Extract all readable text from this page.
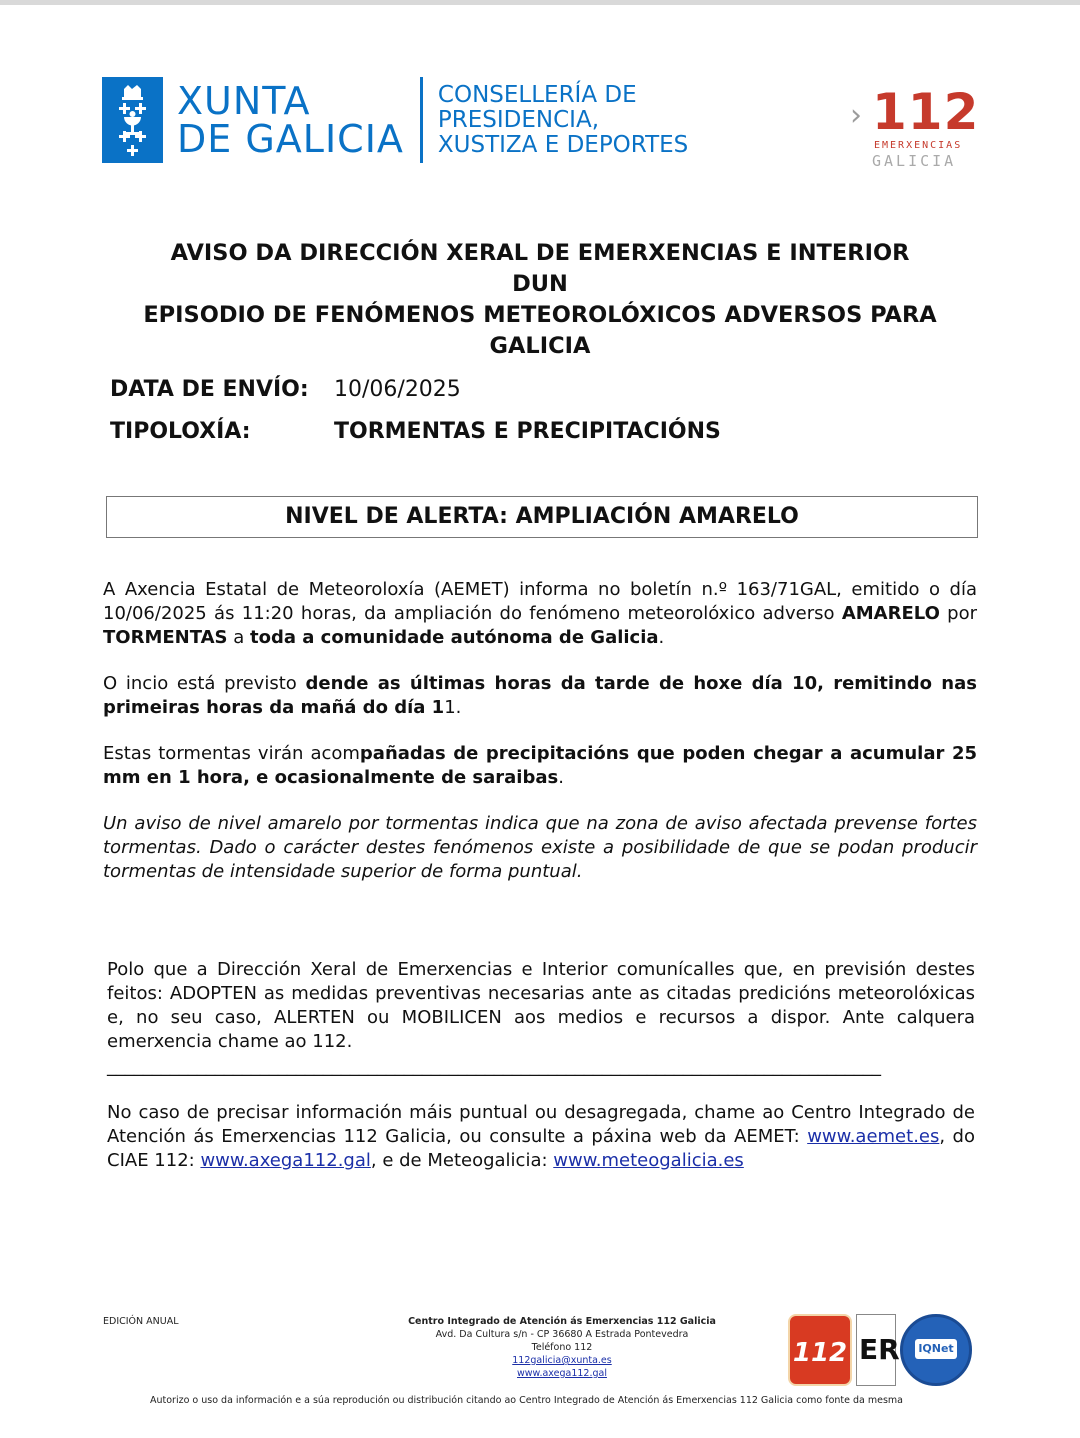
XUNTA
DE GALICIA
CONSELLERÍA DE
PRESIDENCIA,
XUSTIZA E DEPORTES
› 112
EMERXENCIAS
GALICIA
AVISO DA DIRECCIÓN XERAL DE EMERXENCIAS E INTERIOR DUN
EPISODIO DE FENÓMENOS METEOROLÓXICOS ADVERSOS PARA
GALICIA
DATA DE ENVÍO: 10/06/2025
TIPOLOXÍA:	TORMENTAS E PRECIPITACIÓNS
NIVEL DE ALERTA: AMPLIACIÓN AMARELO
A Axencia Estatal de Meteoroloxía (AEMET) informa no boletín n.º 163/71GAL, emitido o día 10/06/2025 ás 11:20 horas, da ampliación do fenómeno meteorolóxico adverso AMARELO por TORMENTAS a toda a comunidade autónoma de Galicia.
O incio está previsto dende as últimas horas da tarde de hoxe día 10, remitindo nas primeiras horas da mañá do día 11.
Estas tormentas virán acompañadas de precipitacións que poden chegar a acumular 25 mm en 1 hora, e ocasionalmente de saraibas.
Un aviso de nivel amarelo por tormentas indica que na zona de aviso afectada prevense fortes tormentas. Dado o carácter destes fenómenos existe a posibilidade de que se podan producir tormentas de intensidade superior de forma puntual.
Polo que a Dirección Xeral de Emerxencias e Interior comunícalles que, en previsión destes feitos: ADOPTEN as medidas preventivas necesarias ante as citadas predicións meteorolóxicas e, no seu caso, ALERTEN ou MOBILICEN aos medios e recursos a dispor. Ante calquera emerxencia chame ao 112.
______________________________________________________________________________________
No caso de precisar información máis puntual ou desagregada, chame ao Centro Integrado de Atención ás Emerxencias 112 Galicia, ou consulte a páxina web da AEMET: www.aemet.es, do CIAE 112: www.axega112.gal, e de Meteogalicia: www.meteogalicia.es
EDICIÓN ANUAL	Centro Integrado de Atención ás Emerxencias 112 Galicia
Avd. Da Cultura s/n - CP 36680 A Estrada Pontevedra
Teléfono 112
112galicia@xunta.es
www.axega112.gal
112 ER	IQNet
Autorizo o uso da información e a súa reprodución ou distribución citando ao Centro Integrado de Atención ás Emerxencias 112 Galicia como fonte da mesma
